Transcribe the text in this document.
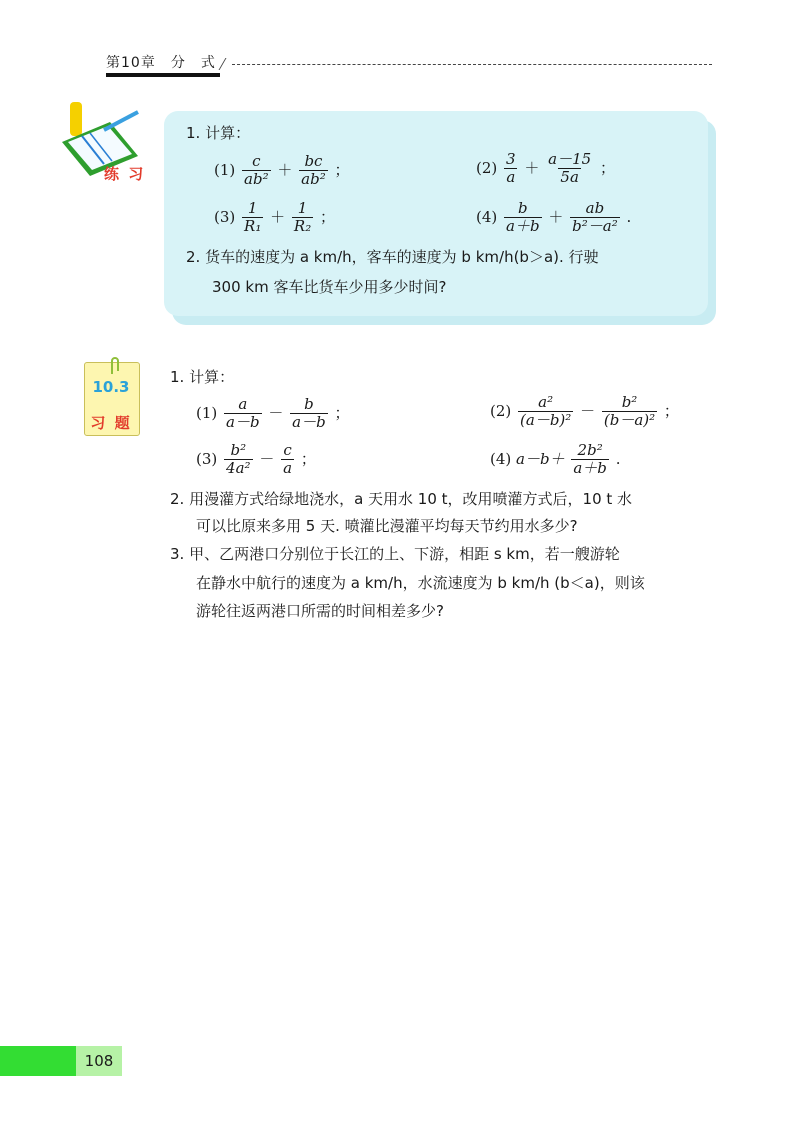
第10章　分　式
练 习
1. 计算：
$(1) \frac{c}{\text{ab²}} + \frac{bc}{\text{ab²}}$ ；	$(2) \frac{3}{a} + \frac{a-15}{5a}$ ；
$(3) \frac{1}{\text{R₁}} + \frac{1}{\text{R₂}}$ ；	$(4) \frac{b}{a+b} + \frac{ab}{\text{b²－a²}}$ .
2. 货车的速度为 a km/h，客车的速度为 b km/h(b＞a). 行驶
300 km 客车比货车少用多少时间?
10.3
习 题
1. 计算：
$(1) \frac{a}{a-b} - \frac{b}{a-b}$ ；	$(2) \frac{\text{a²}}{\text{(a－b)²}} - \frac{\text{b²}}{\text{(b－a)²}}$ ；
$(3) \frac{\text{b²}}{\text{4a²}} - \frac{c}{a}$ ；	(4) $a-b+ \frac{\text{2b²}}{a+b}$ .
2. 用漫灌方式给绿地浇水，a 天用水 10 t，改用喷灌方式后，10 t 水
可以比原来多用 5 天. 喷灌比漫灌平均每天节约用水多少?
3. 甲、乙两港口分别位于长江的上、下游，相距 s km，若一艘游轮
在静水中航行的速度为 a km/h，水流速度为 b km/h (b＜a)，则该
游轮往返两港口所需的时间相差多少?
108
